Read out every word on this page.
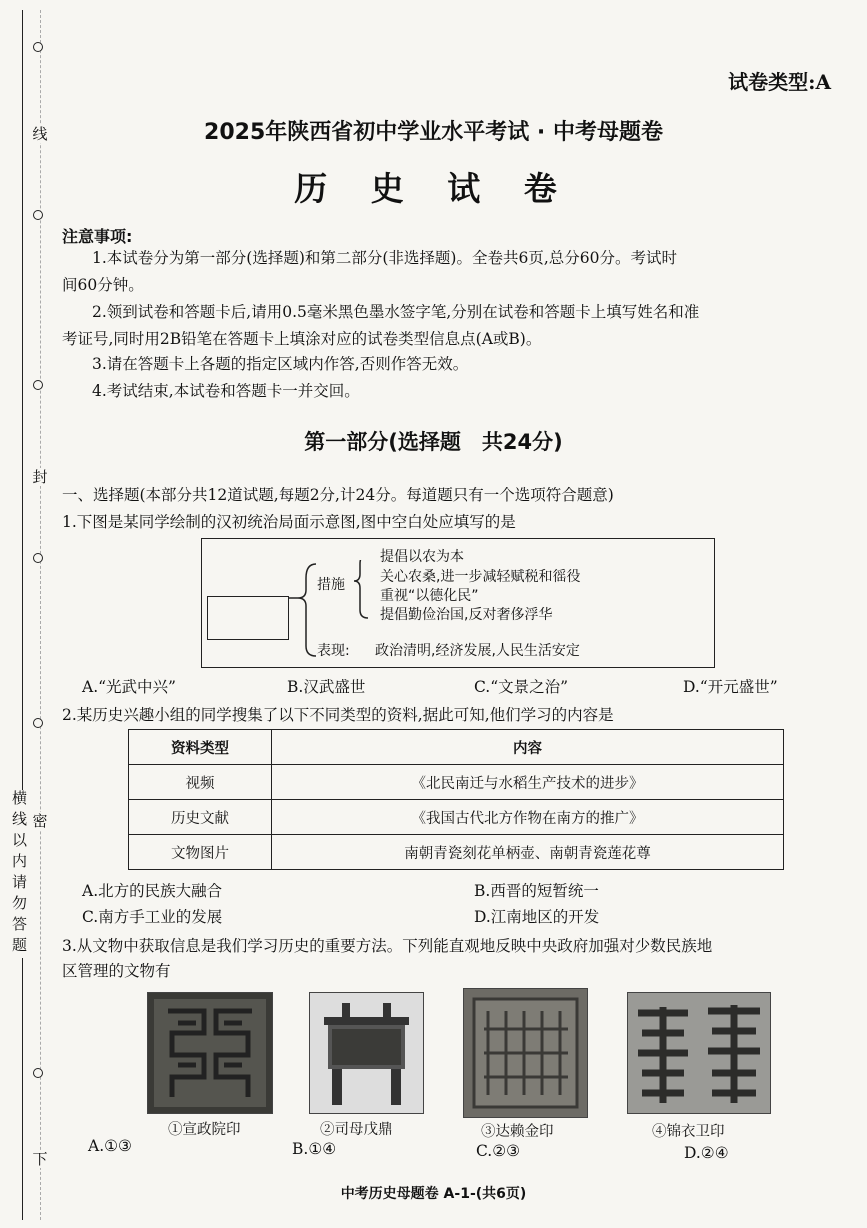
线
封
密
横线以内请勿答题
下
试卷类型:A
2025年陕西省初中学业水平考试 · 中考母题卷
历 史 试 卷
注意事项:
1.本试卷分为第一部分(选择题)和第二部分(非选择题)。全卷共6页,总分60分。考试时
间60分钟。
2.领到试卷和答题卡后,请用0.5毫米黑色墨水签字笔,分别在试卷和答题卡上填写姓名和准
考证号,同时用2B铅笔在答题卡上填涂对应的试卷类型信息点(A或B)。
3.请在答题卡上各题的指定区域内作答,否则作答无效。
4.考试结束,本试卷和答题卡一并交回。
第一部分(选择题　共24分)
一、选择题(本部分共12道试题,每题2分,计24分。每道题只有一个选项符合题意)
1.下图是某同学绘制的汉初统治局面示意图,图中空白处应填写的是
措施
提倡以农为本
关心农桑,进一步减轻赋税和徭役
重视“以德化民”
提倡勤俭治国,反对奢侈浮华
表现: 政治清明,经济发展,人民生活安定
A.“光武中兴”	B.汉武盛世	C.“文景之治”	D.“开元盛世”
2.某历史兴趣小组的同学搜集了以下不同类型的资料,据此可知,他们学习的内容是
资料类型	内容
视频	《北民南迁与水稻生产技术的进步》
历史文献	《我国古代北方作物在南方的推广》
文物图片	南朝青瓷刻花单柄壶、南朝青瓷莲花尊
A.北方的民族大融合	B.西晋的短暂统一
C.南方手工业的发展	D.江南地区的开发
3.从文物中获取信息是我们学习历史的重要方法。下列能直观地反映中央政府加强对少数民族地
区管理的文物有
①宣政院印	②司母戊鼎	③达赖金印	④锦衣卫印
A.①③	B.①④	C.②③	D.②④
中考历史母题卷 A-1-(共6页)
